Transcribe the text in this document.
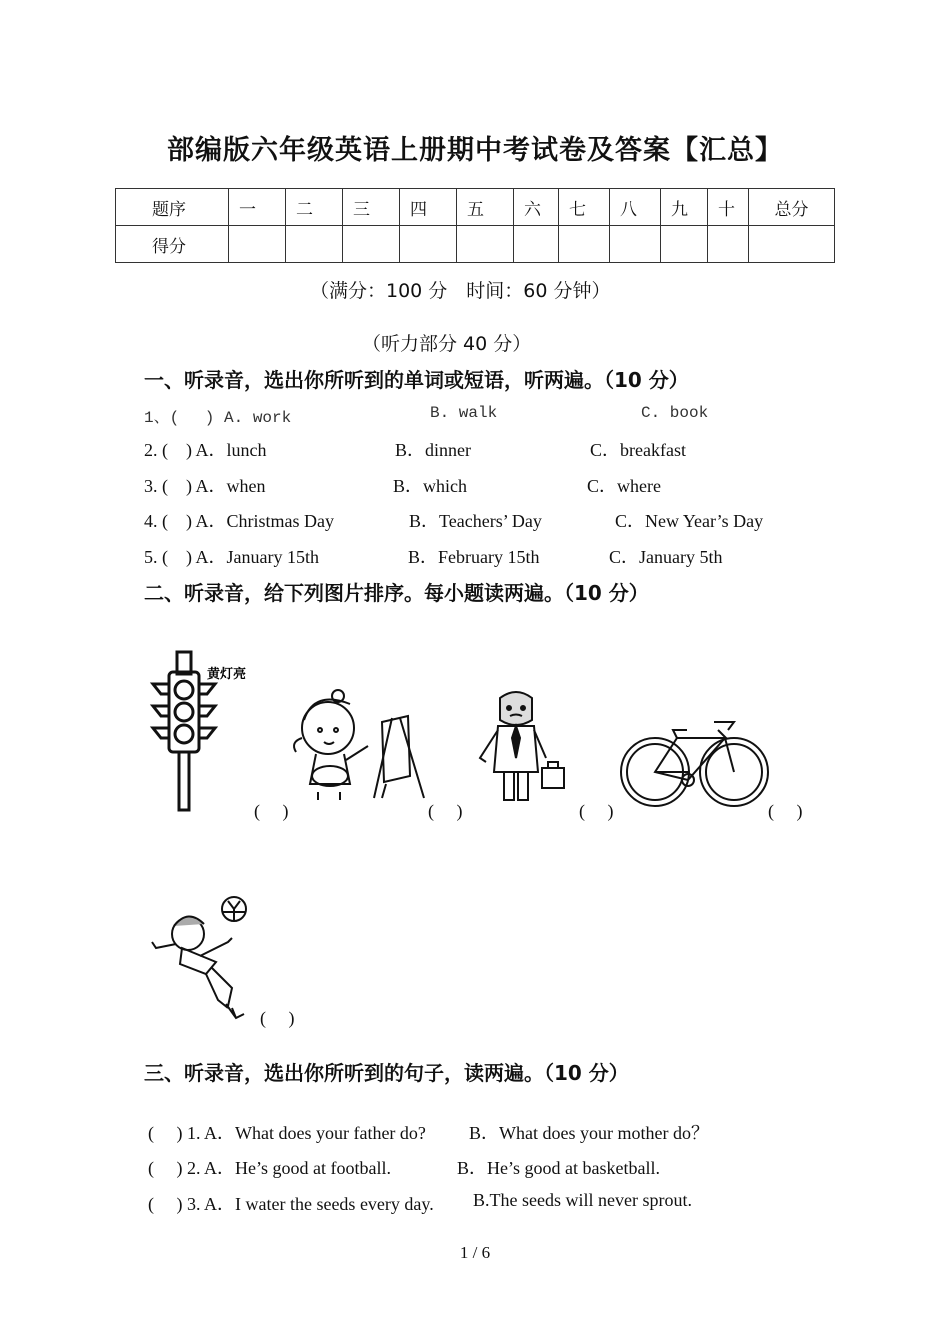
部编版六年级英语上册期中考试卷及答案【汇总】
题序	一	二	三	四	五	六	七	八	九	十	总分
得分											
（满分：100 分　时间：60 分钟）
（听力部分 40 分）
一、听录音，选出你所听到的单词或短语，听两遍。（10 分）
1、(　 ) A. work	B. walk	C. book
2. (　) A．lunch	B．dinner	C．breakfast
3. (　) A．when	B．which	C．where
4. (　) A．Christmas Day	B．Teachers’ Day	C．New Year’s Day
5. (　) A．January 15th	B．February 15th	C．January 5th
二、听录音，给下列图片排序。每小题读两遍。（10 分）
黄灯亮
(　 )	(　 )	(　 )	(　 )
(　 )
三、听录音，选出你所听到的句子，读两遍。（10 分）
(　 ) 1. A．What does your father do? B．What does your mother do？
(　 ) 2. A．He’s good at football.	B．He’s good at basketball.
(　 ) 3. A．I water the seeds every day. B.The seeds will never sprout.
1 / 6
